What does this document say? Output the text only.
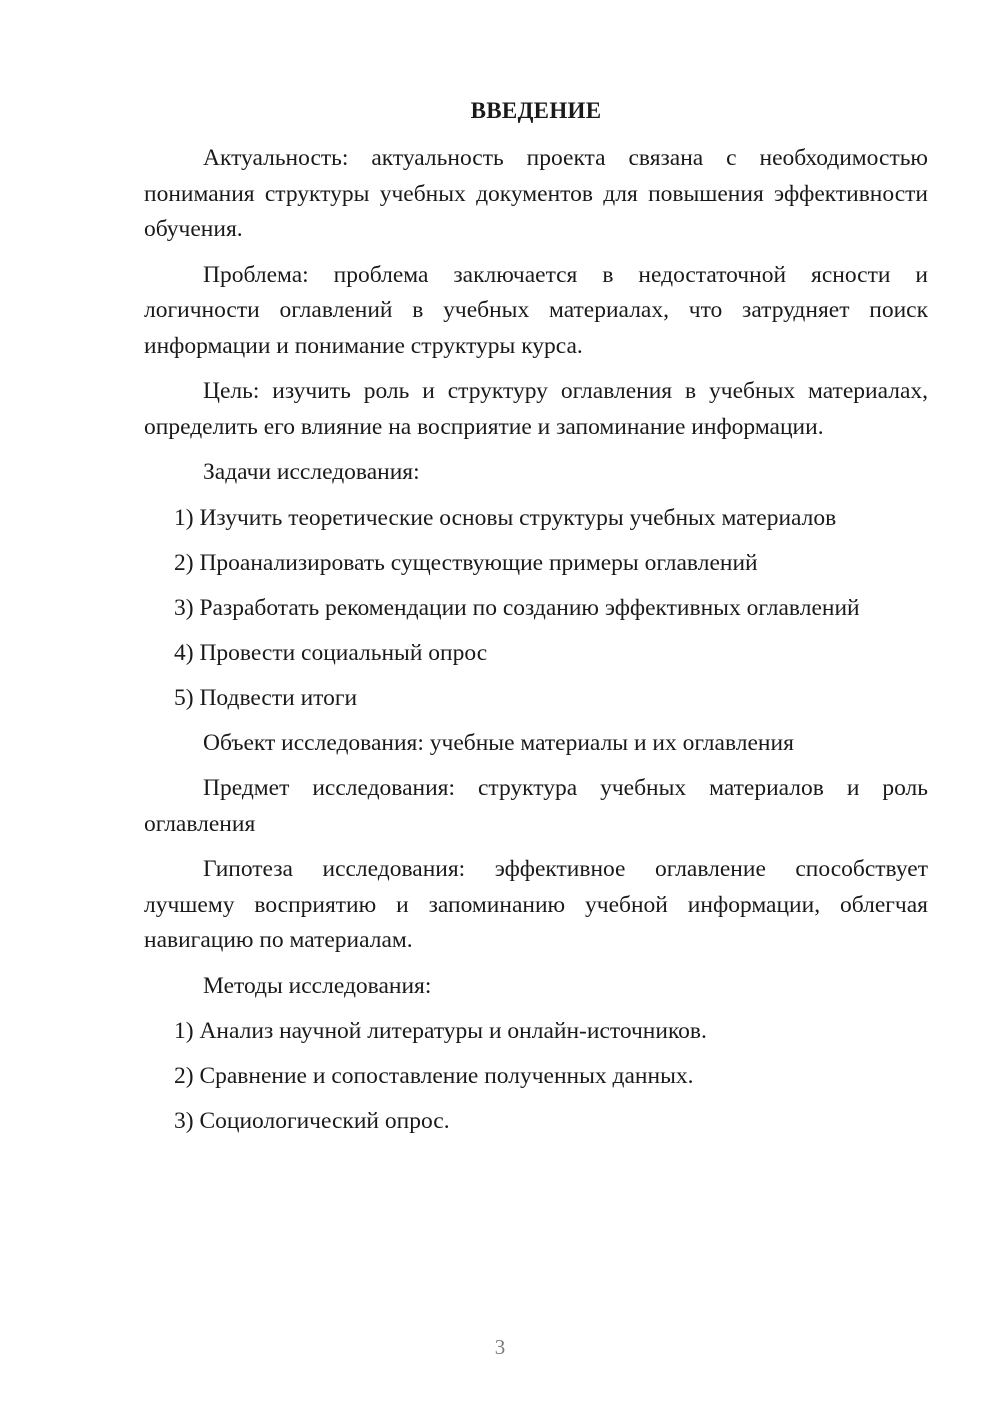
ВВЕДЕНИЕ

Актуальность: актуальность проекта связана с необходимостью понимания структуры учебных документов для повышения эффективности обучения.

Проблема: проблема заключается в недостаточной ясности и логичности оглавлений в учебных материалах, что затрудняет поиск информации и понимание структуры курса.

Цель: изучить роль и структуру оглавления в учебных материалах, определить его влияние на восприятие и запоминание информации.

Задачи исследования:

1) Изучить теоретические основы структуры учебных материалов

2) Проанализировать существующие примеры оглавлений

3) Разработать рекомендации по созданию эффективных оглавлений

4) Провести социальный опрос

5) Подвести итоги

Объект исследования: учебные материалы и их оглавления

Предмет исследования: структура учебных материалов и роль оглавления

Гипотеза исследования: эффективное оглавление способствует лучшему восприятию и запоминанию учебной информации, облегчая навигацию по материалам.

Методы исследования:

1) Анализ научной литературы и онлайн-источников.

2) Сравнение и сопоставление полученных данных.

3) Социологический опрос.

3
